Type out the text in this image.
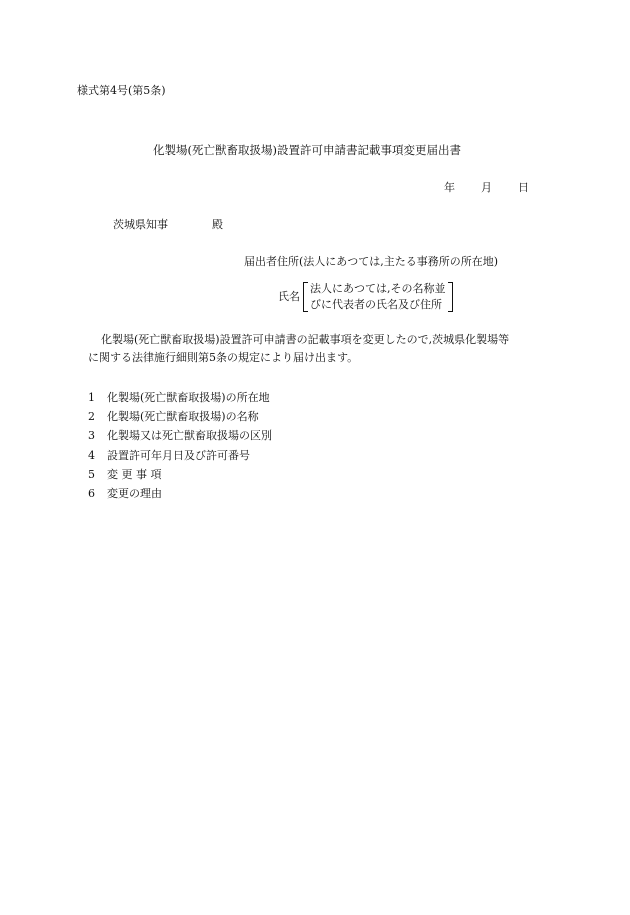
様式第4号(第5条)
化製場(死亡獣畜取扱場)設置許可申請書記載事項変更届出書
年 月 日
茨城県知事	殿
届出者住所(法人にあつては,主たる事務所の所在地)
氏名
法人にあつては,その名称並
びに代表者の氏名及び住所
化製場(死亡獣畜取扱場)設置許可申請書の記載事項を変更したので,茨城県化製場等
に関する法律施行細則第5条の規定により届け出ます。
1	化製場(死亡獣畜取扱場)の所在地
2	化製場(死亡獣畜取扱場)の名称
3	化製場又は死亡獣畜取扱場の区別
4	設置許可年月日及び許可番号
5	変 更 事 項
6	変更の理由
